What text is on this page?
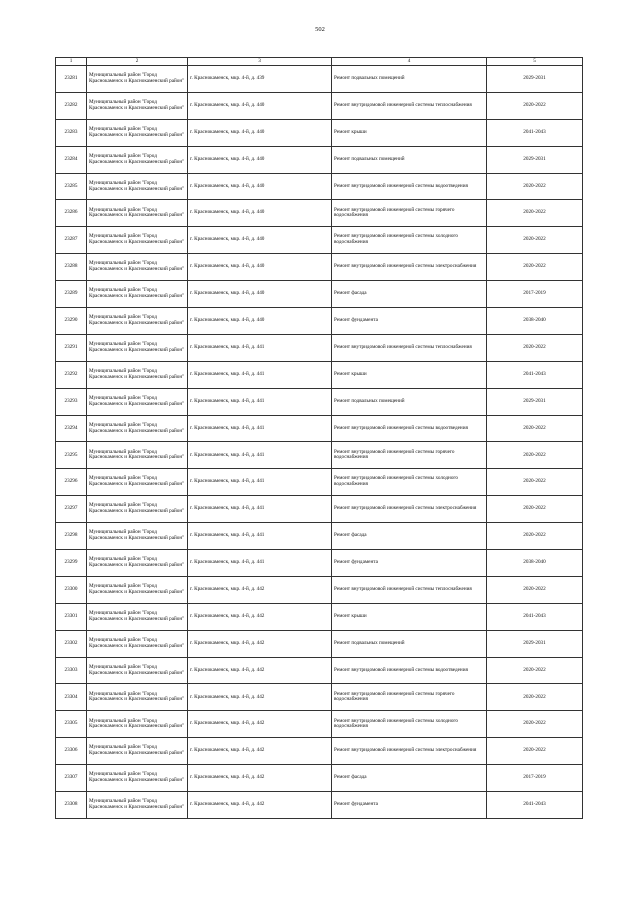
502
1	2	3	4	5
23281	Муниципальный район "Город Краснокаменск и Краснокаменский район"	г. Краснокаменск, мкр. 4-й, д. 439	Ремонт подвальных помещений	2029-2031
23282	Муниципальный район "Город Краснокаменск и Краснокаменский район"	г. Краснокаменск, мкр. 4-й, д. 440	Ремонт внутридомовой инженерной системы теплоснабжения	2020-2022
23283	Муниципальный район "Город Краснокаменск и Краснокаменский район"	г. Краснокаменск, мкр. 4-й, д. 440	Ремонт крыши	2041-2043
23284	Муниципальный район "Город Краснокаменск и Краснокаменский район"	г. Краснокаменск, мкр. 4-й, д. 440	Ремонт подвальных помещений	2029-2031
23285	Муниципальный район "Город Краснокаменск и Краснокаменский район"	г. Краснокаменск, мкр. 4-й, д. 440	Ремонт внутридомовой инженерной системы водоотведения	2020-2022
23286	Муниципальный район "Город Краснокаменск и Краснокаменский район"	г. Краснокаменск, мкр. 4-й, д. 440	Ремонт внутридомовой инженерной системы горячего водоснабжения	2020-2022
23287	Муниципальный район "Город Краснокаменск и Краснокаменский район"	г. Краснокаменск, мкр. 4-й, д. 440	Ремонт внутридомовой инженерной системы холодного водоснабжения	2020-2022
23288	Муниципальный район "Город Краснокаменск и Краснокаменский район"	г. Краснокаменск, мкр. 4-й, д. 440	Ремонт внутридомовой инженерной системы электроснабжения	2020-2022
23289	Муниципальный район "Город Краснокаменск и Краснокаменский район"	г. Краснокаменск, мкр. 4-й, д. 440	Ремонт фасада	2017-2019
23290	Муниципальный район "Город Краснокаменск и Краснокаменский район"	г. Краснокаменск, мкр. 4-й, д. 440	Ремонт фундамента	2038-2040
23291	Муниципальный район "Город Краснокаменск и Краснокаменский район"	г. Краснокаменск, мкр. 4-й, д. 441	Ремонт внутридомовой инженерной системы теплоснабжения	2020-2022
23292	Муниципальный район "Город Краснокаменск и Краснокаменский район"	г. Краснокаменск, мкр. 4-й, д. 441	Ремонт крыши	2041-2043
23293	Муниципальный район "Город Краснокаменск и Краснокаменский район"	г. Краснокаменск, мкр. 4-й, д. 441	Ремонт подвальных помещений	2029-2031
23294	Муниципальный район "Город Краснокаменск и Краснокаменский район"	г. Краснокаменск, мкр. 4-й, д. 441	Ремонт внутридомовой инженерной системы водоотведения	2020-2022
23295	Муниципальный район "Город Краснокаменск и Краснокаменский район"	г. Краснокаменск, мкр. 4-й, д. 441	Ремонт внутридомовой инженерной системы горячего водоснабжения	2020-2022
23296	Муниципальный район "Город Краснокаменск и Краснокаменский район"	г. Краснокаменск, мкр. 4-й, д. 441	Ремонт внутридомовой инженерной системы холодного водоснабжения	2020-2022
23297	Муниципальный район "Город Краснокаменск и Краснокаменский район"	г. Краснокаменск, мкр. 4-й, д. 441	Ремонт внутридомовой инженерной системы электроснабжения	2020-2022
23298	Муниципальный район "Город Краснокаменск и Краснокаменский район"	г. Краснокаменск, мкр. 4-й, д. 441	Ремонт фасада	2020-2022
23299	Муниципальный район "Город Краснокаменск и Краснокаменский район"	г. Краснокаменск, мкр. 4-й, д. 441	Ремонт фундамента	2038-2040
23300	Муниципальный район "Город Краснокаменск и Краснокаменский район"	г. Краснокаменск, мкр. 4-й, д. 442	Ремонт внутридомовой инженерной системы теплоснабжения	2020-2022
23301	Муниципальный район "Город Краснокаменск и Краснокаменский район"	г. Краснокаменск, мкр. 4-й, д. 442	Ремонт крыши	2041-2043
23302	Муниципальный район "Город Краснокаменск и Краснокаменский район"	г. Краснокаменск, мкр. 4-й, д. 442	Ремонт подвальных помещений	2029-2031
23303	Муниципальный район "Город Краснокаменск и Краснокаменский район"	г. Краснокаменск, мкр. 4-й, д. 442	Ремонт внутридомовой инженерной системы водоотведения	2020-2022
23304	Муниципальный район "Город Краснокаменск и Краснокаменский район"	г. Краснокаменск, мкр. 4-й, д. 442	Ремонт внутридомовой инженерной системы горячего водоснабжения	2020-2022
23305	Муниципальный район "Город Краснокаменск и Краснокаменский район"	г. Краснокаменск, мкр. 4-й, д. 442	Ремонт внутридомовой инженерной системы холодного водоснабжения	2020-2022
23306	Муниципальный район "Город Краснокаменск и Краснокаменский район"	г. Краснокаменск, мкр. 4-й, д. 442	Ремонт внутридомовой инженерной системы электроснабжения	2020-2022
23307	Муниципальный район "Город Краснокаменск и Краснокаменский район"	г. Краснокаменск, мкр. 4-й, д. 442	Ремонт фасада	2017-2019
23308	Муниципальный район "Город Краснокаменск и Краснокаменский район"	г. Краснокаменск, мкр. 4-й, д. 442	Ремонт фундамента	2041-2043
